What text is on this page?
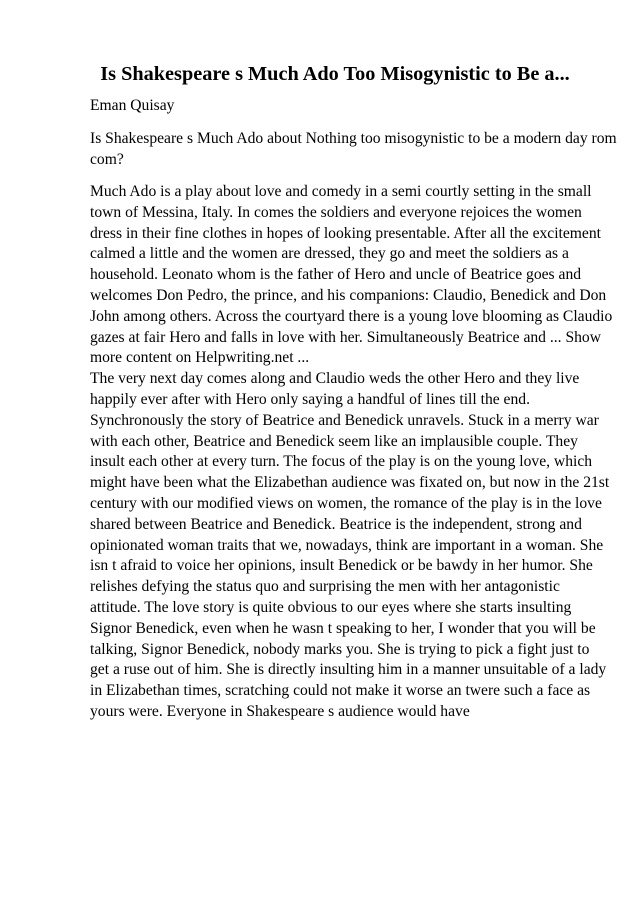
Is Shakespeare s Much Ado Too Misogynistic to Be a...
Eman Quisay
Is Shakespeare s Much Ado about Nothing too misogynistic to be a modern day rom
com?
Much Ado is a play about love and comedy in a semi courtly setting in the small
town of Messina, Italy. In comes the soldiers and everyone rejoices the women
dress in their fine clothes in hopes of looking presentable. After all the excitement
calmed a little and the women are dressed, they go and meet the soldiers as a
household. Leonato whom is the father of Hero and uncle of Beatrice goes and
welcomes Don Pedro, the prince, and his companions: Claudio, Benedick and Don
John among others. Across the courtyard there is a young love blooming as Claudio
gazes at fair Hero and falls in love with her. Simultaneously Beatrice and ... Show
more content on Helpwriting.net ...
The very next day comes along and Claudio weds the other Hero and they live
happily ever after with Hero only saying a handful of lines till the end.
Synchronously the story of Beatrice and Benedick unravels. Stuck in a merry war
with each other, Beatrice and Benedick seem like an implausible couple. They
insult each other at every turn. The focus of the play is on the young love, which
might have been what the Elizabethan audience was fixated on, but now in the 21st
century with our modified views on women, the romance of the play is in the love
shared between Beatrice and Benedick. Beatrice is the independent, strong and
opinionated woman traits that we, nowadays, think are important in a woman. She
isn t afraid to voice her opinions, insult Benedick or be bawdy in her humor. She
relishes defying the status quo and surprising the men with her antagonistic
attitude. The love story is quite obvious to our eyes where she starts insulting
Signor Benedick, even when he wasn t speaking to her, I wonder that you will be
talking, Signor Benedick, nobody marks you. She is trying to pick a fight just to
get a ruse out of him. She is directly insulting him in a manner unsuitable of a lady
in Elizabethan times, scratching could not make it worse an twere such a face as
yours were. Everyone in Shakespeare s audience would have
